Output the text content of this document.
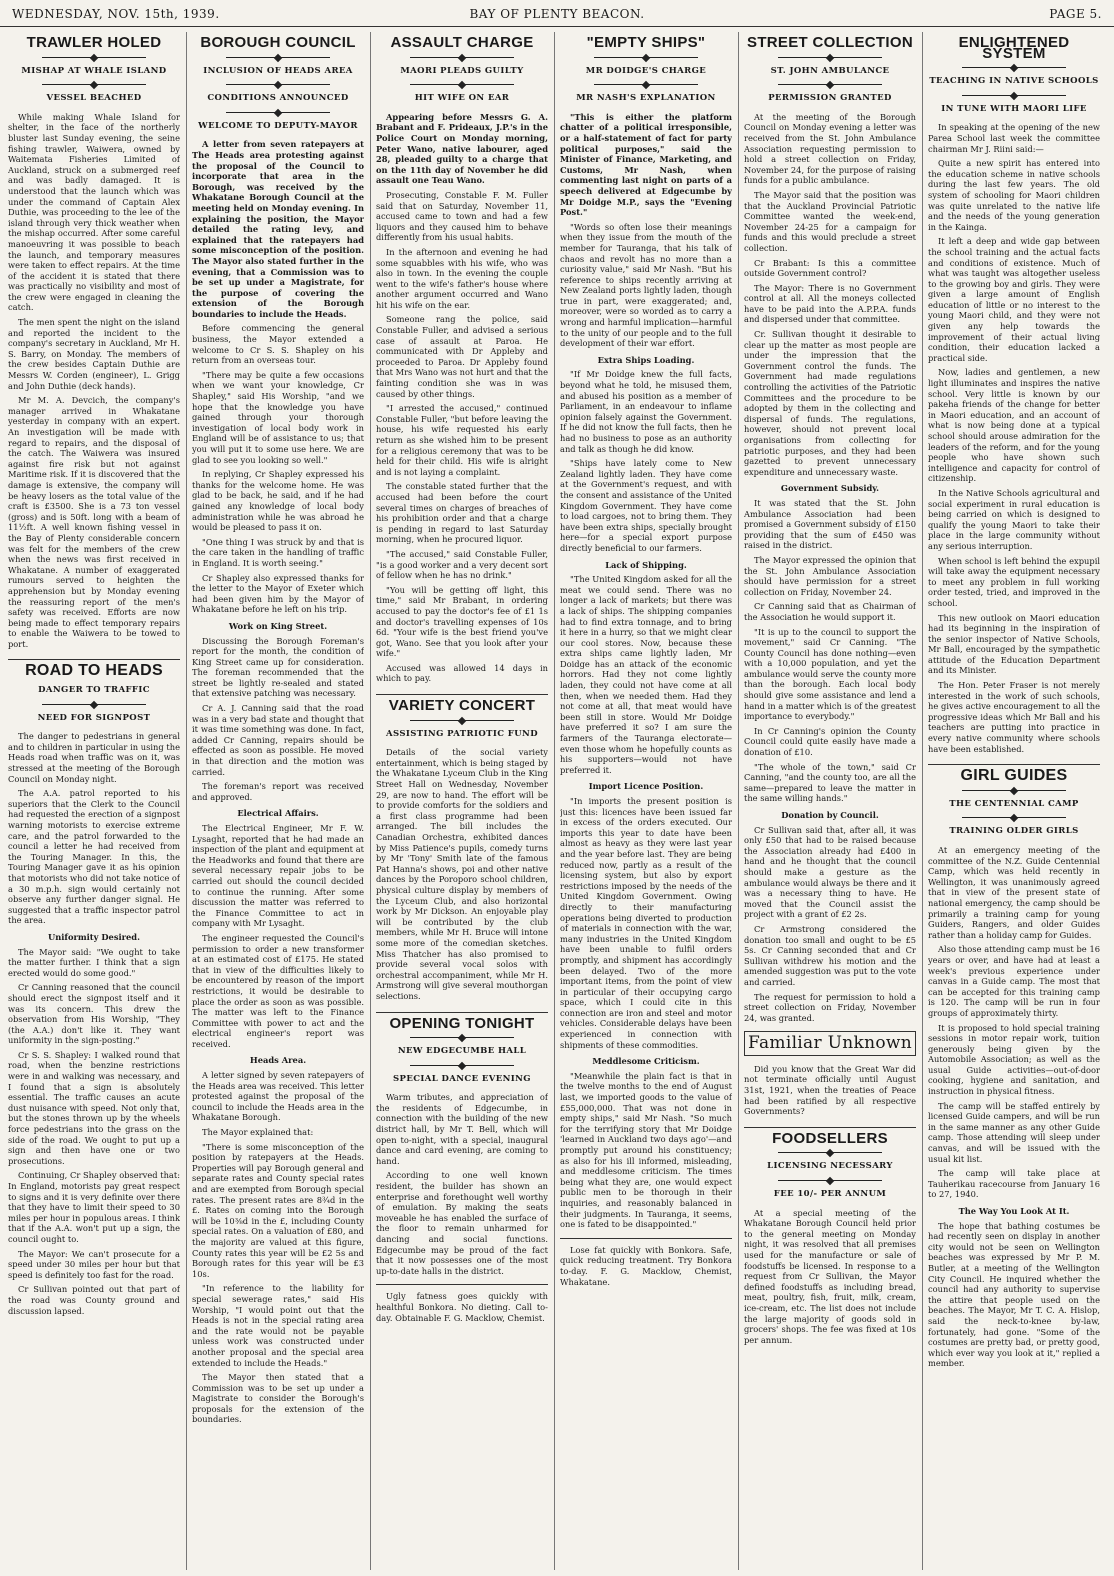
WEDNESDAY, NOV. 15th, 1939.	BAY OF PLENTY BEACON.	PAGE 5.
TRAWLER HOLED
MISHAP AT WHALE ISLAND
VESSEL BEACHED

While making Whale Island for shelter, in the face of the northerly bluster last Sunday evening, the seine fishing trawler, Waiwera, owned by Waitemata Fisheries Limited of Auckland, struck on a submerged reef and was badly damaged. It is understood that the launch which was under the command of Captain Alex Duthie, was proceeding to the lee of the island through very thick weather when the mishap occurred. After some careful manoeuvring it was possible to beach the launch, and temporary measures were taken to effect repairs. At the time of the accident it is stated that there was practically no visibility and most of the crew were engaged in cleaning the catch.

The men spent the night on the island and reported the incident to the company's secretary in Auckland, Mr H. S. Barry, on Monday. The members of the crew besides Captain Duthie are Messrs W. Corden (engineer), L. Grigg and John Duthie (deck hands).

Mr M. A. Devcich, the company's manager arrived in Whakatane yesterday in company with an expert. An investigation will be made with regard to repairs, and the disposal of the catch. The Waiwera was insured against fire risk but not against Maritime risk. If it is discovered that the damage is extensive, the company will be heavy losers as the total value of the craft is £3500. She is a 73 ton vessel (gross) and is 50ft. long with a beam of 11½ft. A well known fishing vessel in the Bay of Plenty considerable concern was felt for the members of the crew when the news was first received in Whakatane. A number of exaggerated rumours served to heighten the apprehension but by Monday evening the reassuring report of the men's safety was received. Efforts are now being made to effect temporary repairs to enable the Waiwera to be towed to port.

ROAD TO HEADS
DANGER TO TRAFFIC
NEED FOR SIGNPOST

The danger to pedestrians in general and to children in particular in using the Heads road when traffic was on it, was stressed at the meeting of the Borough Council on Monday night.

The A.A. patrol reported to his superiors that the Clerk to the Council had requested the erection of a signpost warning motorists to exercise extreme care, and the patrol forwarded to the council a letter he had received from the Touring Manager. In this, the Touring Manager gave it as his opinion that motorists who did not take notice of a 30 m.p.h. sign would certainly not observe any further danger signal. He suggested that a traffic inspector patrol the area.

Uniformity Desired.

The Mayor said: "We ought to take the matter further. I think that a sign erected would do some good."

Cr Canning reasoned that the council should erect the signpost itself and it was its concern. This drew the observation from His Worship, "They (the A.A.) don't like it. They want uniformity in the sign-posting."

Cr S. S. Shapley: I walked round that road, when the benzine restrictions were in and walking was necessary, and I found that a sign is absolutely essential. The traffic causes an acute dust nuisance with speed. Not only that, but the stones thrown up by the wheels force pedestrians into the grass on the side of the road. We ought to put up a sign and then have one or two prosecutions.

Continuing, Cr Shapley observed that: In England, motorists pay great respect to signs and it is very definite over there that they have to limit their speed to 30 miles per hour in populous areas. I think that if the A.A. won't put up a sign, the council ought to.

The Mayor: We can't prosecute for a speed under 30 miles per hour but that speed is definitely too fast for the road.

Cr Sullivan pointed out that part of the road was County ground and discussion lapsed.

BOROUGH COUNCIL
INCLUSION OF HEADS AREA
CONDITIONS ANNOUNCED
WELCOME TO DEPUTY-MAYOR

A letter from seven ratepayers at The Heads area protesting against the proposal of the Council to incorporate that area in the Borough, was received by the Whakatane Borough Council at the meeting held on Monday evening. In explaining the position, the Mayor detailed the rating levy, and explained that the ratepayers had some misconception of the position. The Mayor also stated further in the evening, that a Commission was to be set up under a Magistrate, for the purpose of covering the extension of the Borough boundaries to include the Heads.

Before commencing the general business, the Mayor extended a welcome to Cr S. S. Shapley on his return from an overseas tour.

"There may be quite a few occasions when we want your knowledge, Cr Shapley," said His Worship, "and we hope that the knowledge you have gained through your thorough investigation of local body work in England will be of assistance to us; that you will put it to some use here. We are glad to see you looking so well."

In replying, Cr Shapley expressed his thanks for the welcome home. He was glad to be back, he said, and if he had gained any knowledge of local body administration while he was abroad he would be pleased to pass it on.

"One thing I was struck by and that is the care taken in the handling of traffic in England. It is worth seeing."

Cr Shapley also expressed thanks for the letter to the Mayor of Exeter which had been given him by the Mayor of Whakatane before he left on his trip.

Work on King Street.

Discussing the Borough Foreman's report for the month, the condition of King Street came up for consideration. The foreman recommended that the street be lightly re-sealed and stated that extensive patching was necessary.

Cr A. J. Canning said that the road was in a very bad state and thought that it was time something was done. In fact, added Cr Canning, repairs should be effected as soon as possible. He moved in that direction and the motion was carried.

The foreman's report was received and approved.

Electrical Affairs.

The Electrical Engineer, Mr F. W. Lysaght, reported that he had made an inspection of the plant and equipment at the Headworks and found that there are several necessary repair jobs to be carried out should the council decided to continue the running. After some discussion the matter was referred to the Finance Committee to act in company with Mr Lysaght.

The engineer requested the Council's permission to order a new transformer at an estimated cost of £175. He stated that in view of the difficulties likely to be encountered by reason of the import restrictions, it would be desirable to place the order as soon as was possible. The matter was left to the Finance Committee with power to act and the electrical engineer's report was received.

Heads Area.

A letter signed by seven ratepayers of the Heads area was received. This letter protested against the proposal of the council to include the Heads area in the Whakatane Borough.

The Mayor explained that:

"There is some misconception of the position by ratepayers at the Heads. Properties will pay Borough general and separate rates and County special rates and are exempted from Borough special rates. The present rates are 8¾d in the £. Rates on coming into the Borough will be 10⅜d in the £, including County special rates. On a valuation of £80, and the majority are valued at this figure, County rates this year will be £2 5s and Borough rates for this year will be £3 10s.

"In reference to the liability for special sewerage rates," said His Worship, "I would point out that the Heads is not in the special rating area and the rate would not be payable unless work was constructed under another proposal and the special area extended to include the Heads."

The Mayor then stated that a Commission was to be set up under a Magistrate to consider the Borough's proposals for the extension of the boundaries.

ASSAULT CHARGE
MAORI PLEADS GUILTY
HIT WIFE ON EAR

Appearing before Messrs G. A. Brabant and F. Prideaux, J.P.'s in the Police Court on Monday morning, Peter Wano, native labourer, aged 28, pleaded guilty to a charge that on the 11th day of November he did assault one Teau Wano.

Prosecuting, Constable F. M. Fuller said that on Saturday, November 11, accused came to town and had a few liquors and they caused him to behave differently from his usual habits.

In the afternoon and evening he had some squabbles with his wife, who was also in town. In the evening the couple went to the wife's father's house where another argument occurred and Wano hit his wife on the ear.

Someone rang the police, said Constable Fuller, and advised a serious case of assault at Paroa. He communicated with Dr Appleby and proceeded to Paroa. Dr Appleby found that Mrs Wano was not hurt and that the fainting condition she was in was caused by other things.

"I arrested the accused," continued Constable Fuller, "but before leaving the house, his wife requested his early return as she wished him to be present for a religious ceremony that was to be held for their child. His wife is alright and is not laying a complaint.

The constable stated further that the accused had been before the court several times on charges of breaches of his prohibition order and that a charge is pending in regard to last Saturday morning, when he procured liquor.

"The accused," said Constable Fuller, "is a good worker and a very decent sort of fellow when he has no drink."

"You will be getting off light, this time," said Mr Brabant, in ordering accused to pay the doctor's fee of £1 1s and doctor's travelling expenses of 10s 6d. "Your wife is the best friend you've got, Wano. See that you look after your wife."

Accused was allowed 14 days in which to pay.

VARIETY CONCERT
ASSISTING PATRIOTIC FUND

Details of the social variety entertainment, which is being staged by the Whakatane Lyceum Club in the King Street Hall on Wednesday, November 29, are now to hand. The effort will be to provide comforts for the soldiers and a first class programme had been arranged. The bill includes the Canadian Orchestra, exhibited dances by Miss Patience's pupils, comedy turns by Mr 'Tony' Smith late of the famous Pat Hanna's shows, poi and other native dances by the Poroporo school children, physical culture display by members of the Lyceum Club, and also horizontal work by Mr Dickson. An enjoyable play will be contributed by the club members, while Mr H. Bruce will intone some more of the comedian sketches. Miss Thatcher has also promised to provide several vocal solos with orchestral accompaniment, while Mr H. Armstrong will give several mouthorgan selections.

OPENING TONIGHT
NEW EDGECUMBE HALL
SPECIAL DANCE EVENING

Warm tributes, and appreciation of the residents of Edgecumbe, in connection with the building of the new district hall, by Mr T. Bell, which will open to-night, with a special, inaugural dance and card evening, are coming to hand.

According to one well known resident, the builder has shown an enterprise and forethought well worthy of emulation. By making the seats moveable he has enabled the surface of the floor to remain unharmed for dancing and social functions. Edgecumbe may be proud of the fact that it now possesses one of the most up-to-date halls in the district.

Ugly fatness goes quickly with healthful Bonkora. No dieting. Call to-day. Obtainable F. G. Macklow, Chemist.

"EMPTY SHIPS"
MR DOIDGE'S CHARGE
MR NASH'S EXPLANATION

"This is either the platform chatter of a political irresponsible, or a half-statement of fact for party political purposes," said the Minister of Finance, Marketing, and Customs, Mr Nash, when commenting last night on parts of a speech delivered at Edgecumbe by Mr Doidge M.P., says the "Evening Post."

"Words so often lose their meanings when they issue from the mouth of the member for Tauranga, that his talk of chaos and revolt has no more than a curiosity value," said Mr Nash. "But his reference to ships recently arriving at New Zealand ports lightly laden, though true in part, were exaggerated; and, moreover, were so worded as to carry a wrong and harmful implication—harmful to the unity of our people and to the full development of their war effort.

Extra Ships Loading.

"If Mr Doidge knew the full facts, beyond what he told, he misused them, and abused his position as a member of Parliament, in an endeavour to inflame opinion falsely against the Government. If he did not know the full facts, then he had no business to pose as an authority and talk as though he did know.

"Ships have lately come to New Zealand lightly laden. They have come at the Government's request, and with the consent and assistance of the United Kingdom Government. They have come to load cargoes, not to bring them. They have been extra ships, specially brought here—for a special export purpose directly beneficial to our farmers.

Lack of Shipping.

"The United Kingdom asked for all the meat we could send. There was no longer a lack of markets; but there was a lack of ships. The shipping companies had to find extra tonnage, and to bring it here in a hurry, so that we might clear our cool stores. Now, because these extra ships came lightly laden, Mr Doidge has an attack of the economic horrors. Had they not come lightly laden, they could not have come at all then, when we needed them. Had they not come at all, that meat would have been still in store. Would Mr Doidge have preferred it so? I am sure the farmers of the Tauranga electorate—even those whom he hopefully counts as his supporters—would not have preferred it.

Import Licence Position.

"In imports the present position is just this: licences have been issued far in excess of the orders executed. Our imports this year to date have been almost as heavy as they were last year and the year before last. They are being reduced now, partly as a result of the licensing system, but also by export restrictions imposed by the needs of the United Kingdom Government. Owing directly to their manufacturing operations being diverted to production of materials in connection with the war, many industries in the United Kingdom have been unable to fulfil orders promptly, and shipment has accordingly been delayed. Two of the more important items, from the point of view in particular of their occupying cargo space, which I could cite in this connection are iron and steel and motor vehicles. Considerable delays have been experienced in connection with shipments of these commodities.

Meddlesome Criticism.

"Meanwhile the plain fact is that in the twelve months to the end of August last, we imported goods to the value of £55,000,000. That was not done in empty ships," said Mr Nash. "So much for the terrifying story that Mr Doidge 'learned in Auckland two days ago'—and promptly put around his constituency; as also for his ill informed, misleading, and meddlesome criticism. The times being what they are, one would expect public men to be thorough in their inquiries, and reasonably balanced in their judgments. In Tauranga, it seems, one is fated to be disappointed."

Lose fat quickly with Bonkora. Safe, quick reducing treatment. Try Bonkora to-day. F. G. Macklow, Chemist, Whakatane.

STREET COLLECTION
ST. JOHN AMBULANCE
PERMISSION GRANTED

At the meeting of the Borough Council on Monday evening a letter was received from the St. John Ambulance Association requesting permission to hold a street collection on Friday, November 24, for the purpose of raising funds for a public ambulance.

The Mayor said that the position was that the Auckland Provincial Patriotic Committee wanted the week-end, November 24-25 for a campaign for funds and this would preclude a street collection.

Cr Brabant: Is this a committee outside Government control?

The Mayor: There is no Government control at all. All the moneys collected have to be paid into the A.P.P.A. funds and dispersed under that committee.

Cr. Sullivan thought it desirable to clear up the matter as most people are under the impression that the Government control the funds. The Government had made regulations controlling the activities of the Patriotic Committees and the procedure to be adopted by them in the collecting and dispersal of funds. The regulations, however, should not prevent local organisations from collecting for patriotic purposes, and they had been gazetted to prevent unnecessary expenditure and unnecessary waste.

Government Subsidy.

It was stated that the St. John Ambulance Association had been promised a Government subsidy of £150 providing that the sum of £450 was raised in the district.

The Mayor expressed the opinion that the St. John Ambulance Association should have permission for a street collection on Friday, November 24.

Cr Canning said that as Chairman of the Association he would support it.

"It is up to the council to support the movement," said Cr Canning. "The County Council has done nothing—even with a 10,000 population, and yet the ambulance would serve the county more than the borough. Each local body should give some assistance and lend a hand in a matter which is of the greatest importance to everybody."

In Cr Canning's opinion the County Council could quite easily have made a donation of £10.

"The whole of the town," said Cr Canning, "and the county too, are all the same—prepared to leave the matter in the same willing hands."

Donation by Council.

Cr Sullivan said that, after all, it was only £50 that had to be raised because the Association already had £400 in hand and he thought that the council should make a gesture as the ambulance would always be there and it was a necessary thing to have. He moved that the Council assist the project with a grant of £2 2s.

Cr Armstrong considered the donation too small and ought to be £5 5s. Cr Canning seconded that and Cr Sullivan withdrew his motion and the amended suggestion was put to the vote and carried.

The request for permission to hold a street collection on Friday, November 24, was granted.

Familiar Unknown

Did you know that the Great War did not terminate officially until August 31st, 1921, when the treaties of Peace had been ratified by all respective Governments?

FOODSELLERS
LICENSING NECESSARY
FEE 10/- PER ANNUM

At a special meeting of the Whakatane Borough Council held prior to the general meeting on Monday night, it was resolved that all premises used for the manufacture or sale of foodstuffs be licensed. In response to a request from Cr Sullivan, the Mayor defined foodstuffs as including bread, meat, poultry, fish, fruit, milk, cream, ice-cream, etc. The list does not include the large majority of goods sold in grocers' shops. The fee was fixed at 10s per annum.

ENLIGHTENED SYSTEM
TEACHING IN NATIVE SCHOOLS
IN TUNE WITH MAORI LIFE

In speaking at the opening of the new Parea School last week the committee chairman Mr J. Riini said:—

Quite a new spirit has entered into the education scheme in native schools during the last few years. The old system of schooling for Maori children was quite unrelated to the native life and the needs of the young generation in the Kainga.

It left a deep and wide gap between the school training and the actual facts and conditions of existence. Much of what was taught was altogether useless to the growing boy and girls. They were given a large amount of English education of little or no interest to the young Maori child, and they were not given any help towards the improvement of their actual living condition, their education lacked a practical side.

Now, ladies and gentlemen, a new light illuminates and inspires the native school. Very little is known by our pakeha friends of the change for better in Maori education, and an account of what is now being done at a typical school should arouse admiration for the leaders of the reform, and for the young people who have shown such intelligence and capacity for control of citizenship.

In the Native Schools agricultural and social experiment in rural education is being carried on which is designed to qualify the young Maori to take their place in the large community without any serious interruption.

When school is left behind the expupil will take away the equipment necessary to meet any problem in full working order tested, tried, and improved in the school.

This new outlook on Maori education had its beginning in the inspiration of the senior inspector of Native Schools, Mr Ball, encouraged by the sympathetic attitude of the Education Department and its Minister.

The Hon. Peter Fraser is not merely interested in the work of such schools, he gives active encouragement to all the progressive ideas which Mr Ball and his teachers are putting into practice in every native community where schools have been established.

GIRL GUIDES
THE CENTENNIAL CAMP
TRAINING OLDER GIRLS

At an emergency meeting of the committee of the N.Z. Guide Centennial Camp, which was held recently in Wellington, it was unanimously agreed that in view of the present state of national emergency, the camp should be primarily a training camp for young Guiders, Rangers, and older Guides rather than a holiday camp for Guides.

Also those attending camp must be 16 years or over, and have had at least a week's previous experience under canvas in a Guide camp. The most that can be accepted for this training camp is 120. The camp will be run in four groups of approximately thirty.

It is proposed to hold special training sessions in motor repair work, tuition generously being given by the Automobile Association; as well as the usual Guide activities—out-of-door cooking, hygiene and sanitation, and instruction in physical fitness.

The camp will be staffed entirely by licensed Guide campers, and will be run in the same manner as any other Guide camp. Those attending will sleep under canvas, and will be issued with the usual kit list.

The camp will take place at Tauherikau racecourse from January 16 to 27, 1940.

The Way You Look At It.

The hope that bathing costumes be had recently seen on display in another city would not be seen on Wellington beaches was expressed by Mr P. M. Butler, at a meeting of the Wellington City Council. He inquired whether the council had any authority to supervise the attire that people used on the beaches. The Mayor, Mr T. C. A. Hislop, said the neck-to-knee by-law, fortunately, had gone. "Some of the costumes are pretty bad, or pretty good, which ever way you look at it," replied a member.
